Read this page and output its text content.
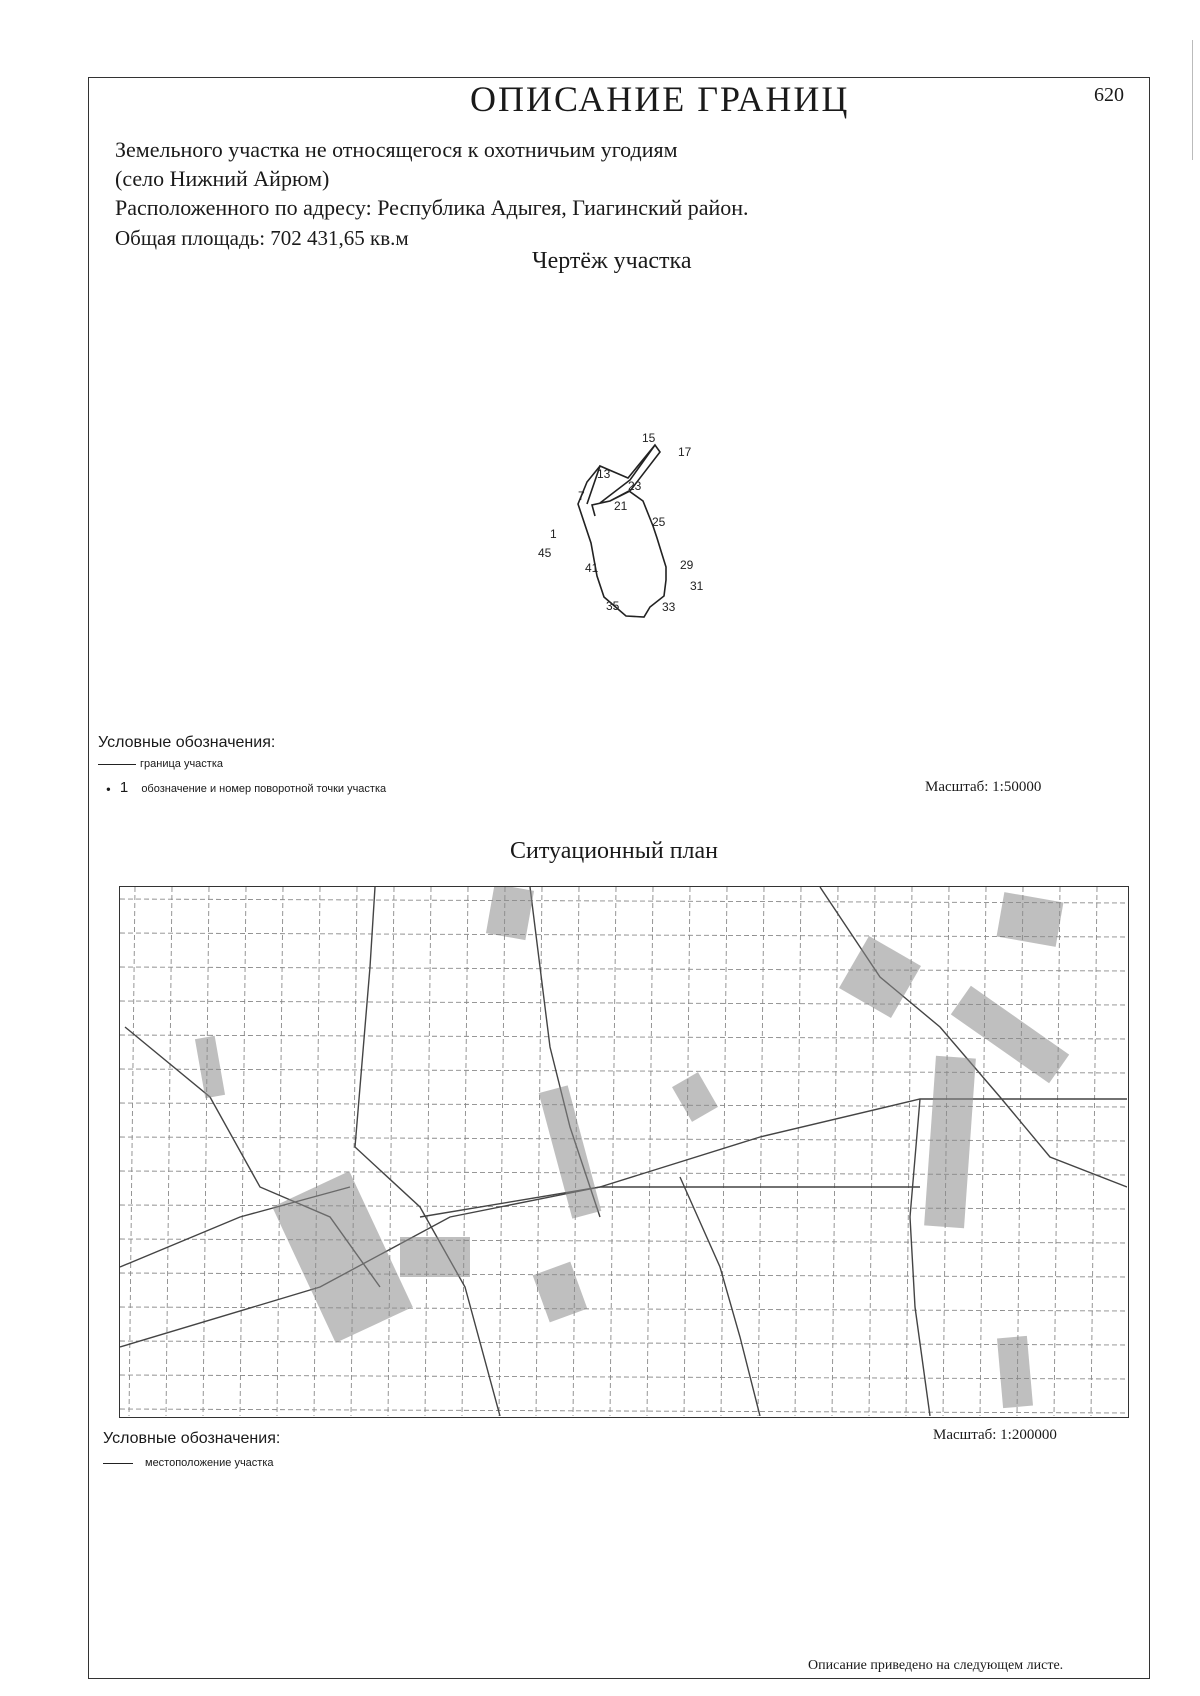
ОПИСАНИЕ ГРАНИЦ	620
Земельного участка не относящегося к охотничьим угодиям
(село Нижний Айрюм)
Расположенного по адресу: Республика Адыгея, Гиагинский район.
Общая площадь: 702 431,65 кв.м
Чертёж участка
15
17
13
23
7
21
25
1
45
41	29
31
35	33
Условные обозначения:
граница участка
● 1 обозначение и номер поворотной точки участка	Масштаб: 1:50000
Ситуационный план
Условные обозначения:	Масштаб: 1:200000
местоположение участка
Описание приведено на следующем листе.
